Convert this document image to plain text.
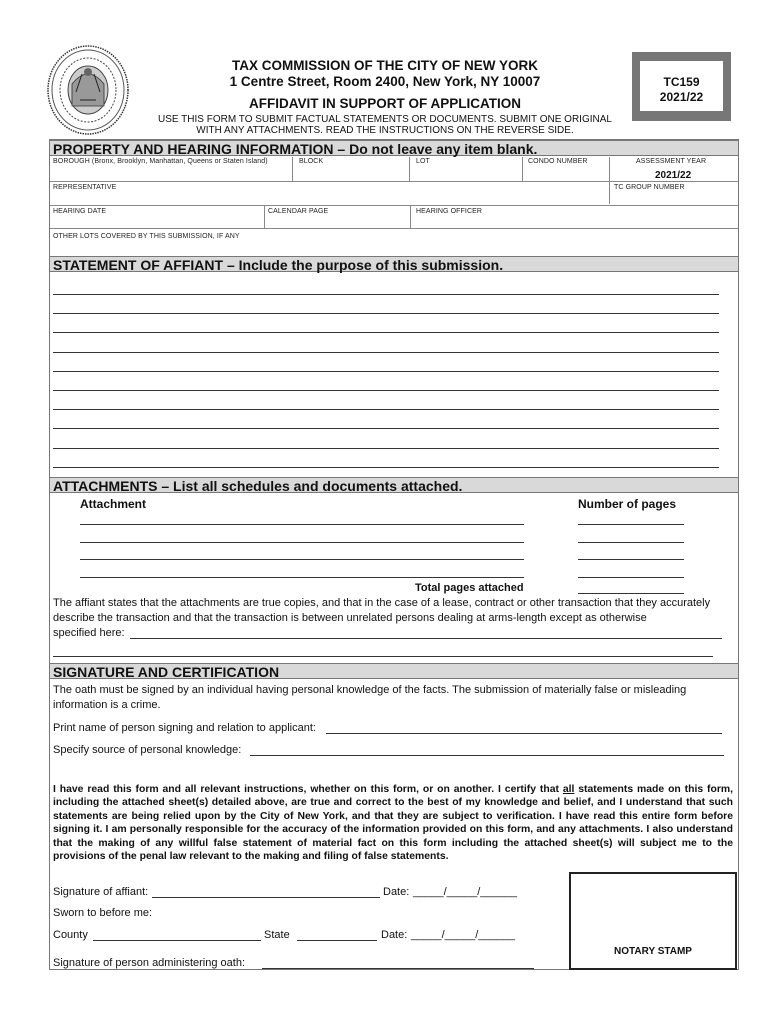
TAX COMMISSION OF THE CITY OF NEW YORK
1 Centre Street, Room 2400, New York, NY 10007
AFFIDAVIT IN SUPPORT OF APPLICATION
USE THIS FORM TO SUBMIT FACTUAL STATEMENTS OR DOCUMENTS. SUBMIT ONE ORIGINAL
WITH ANY ATTACHMENTS. READ THE INSTRUCTIONS ON THE REVERSE SIDE.
TC159
2021/22
PROPERTY AND HEARING INFORMATION – Do not leave any item blank.
BOROUGH (Bronx, Brooklyn, Manhattan, Queens or Staten Island)	BLOCK	LOT	CONDO NUMBER	ASSESSMENT YEAR
2021/22
REPRESENTATIVE	TC GROUP NUMBER
HEARING DATE	CALENDAR PAGE	HEARING OFFICER
OTHER LOTS COVERED BY THIS SUBMISSION, IF ANY
STATEMENT OF AFFIANT – Include the purpose of this submission.
ATTACHMENTS – List all schedules and documents attached.
Attachment	Number of pages
Total pages attached
The affiant states that the attachments are true copies, and that in the case of a lease, contract or other transaction that they accurately
describe the transaction and that the transaction is between unrelated persons dealing at arms-length except as otherwise
specified here:
SIGNATURE AND CERTIFICATION
The oath must be signed by an individual having personal knowledge of the facts. The submission of materially false or misleading
information is a crime.
Print name of person signing and relation to applicant:
Specify source of personal knowledge:
I have read this form and all relevant instructions, whether on this form, or on another. I certify that all statements made on this form, including the attached sheet(s) detailed above, are true and correct to the best of my knowledge and belief, and I understand that such statements are being relied upon by the City of New York, and that they are subject to verification. I have read this entire form before signing it. I am personally responsible for the accuracy of the information provided on this form, and any attachments. I also understand that the making of any willful false statement of material fact on this form including the attached sheet(s) will subject me to the provisions of the penal law relevant to the making and filing of false statements.
Signature of affiant:	Date: _____/_____/______
Sworn to before me:
County	State	Date: _____/_____/______
Signature of person administering oath:
NOTARY STAMP
